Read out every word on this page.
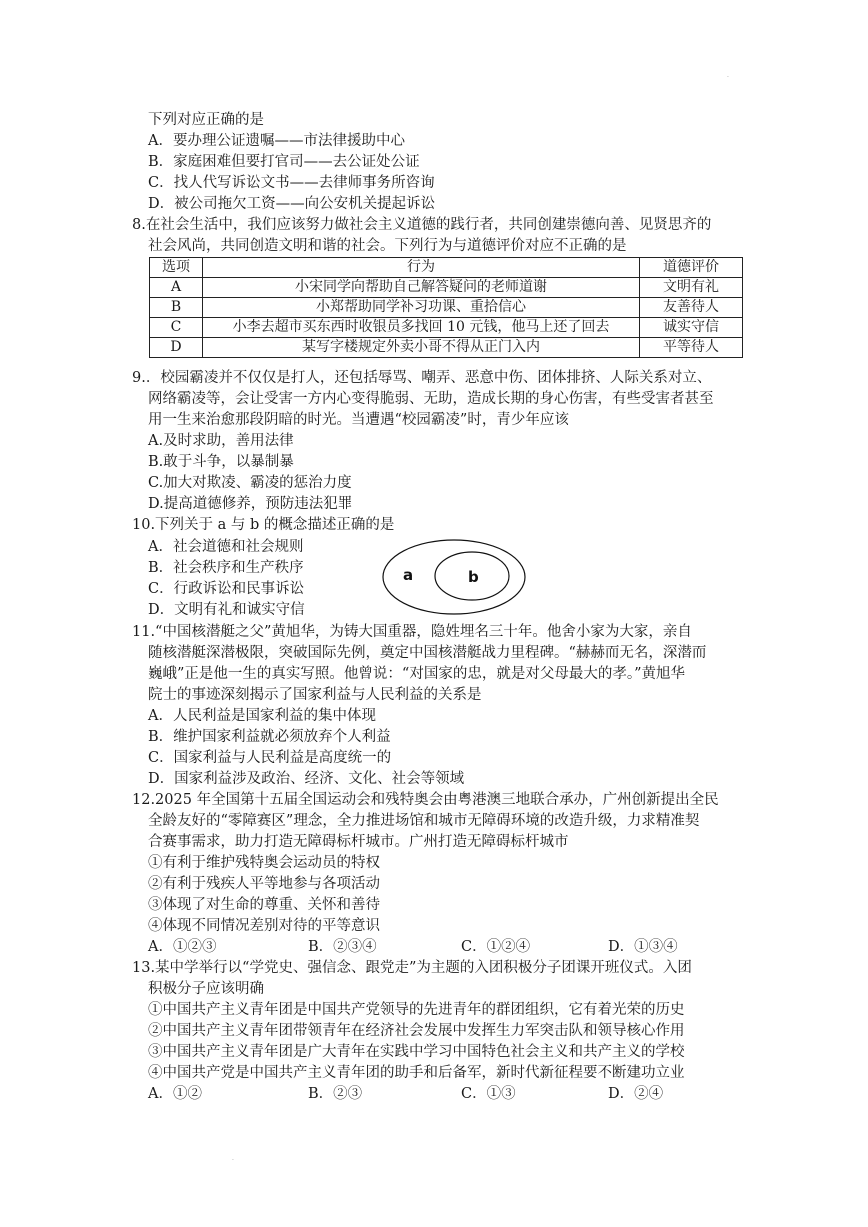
下列对应正确的是
A．要办理公证遗嘱——市法律援助中心
B．家庭困难但要打官司——去公证处公证
C．找人代写诉讼文书——去律师事务所咨询
D．被公司拖欠工资——向公安机关提起诉讼
8.在社会生活中，我们应该努力做社会主义道德的践行者，共同创建崇德向善、见贤思齐的
社会风尚，共同创造文明和谐的社会。下列行为与道德评价对应不正确的是
选项	行为	道德评价
A	小宋同学向帮助自己解答疑问的老师道谢	文明有礼
B	小郑帮助同学补习功课、重拾信心	友善待人
C	小李去超市买东西时收银员多找回 10 元钱，他马上还了回去	诚实守信
D	某写字楼规定外卖小哥不得从正门入内	平等待人
9.．校园霸凌并不仅仅是打人，还包括辱骂、嘲弄、恶意中伤、团体排挤、人际关系对立、
网络霸凌等，会让受害一方内心变得脆弱、无助，造成长期的身心伤害，有些受害者甚至
用一生来治愈那段阴暗的时光。当遭遇“校园霸凌”时，青少年应该
A.及时求助，善用法律
B.敢于斗争，以暴制暴
C.加大对欺凌、霸凌的惩治力度
D.提高道德修养，预防违法犯罪
10.下列关于 a 与 b 的概念描述正确的是
A．社会道德和社会规则
B．社会秩序和生产秩序
C．行政诉讼和民事诉讼
D．文明有礼和诚实守信
a	b
11.“中国核潜艇之父”黄旭华，为铸大国重器，隐姓埋名三十年。他舍小家为大家，亲自
随核潜艇深潜极限，突破国际先例，奠定中国核潜艇战力里程碑。“赫赫而无名，深潜而
巍峨”正是他一生的真实写照。他曾说：“对国家的忠，就是对父母最大的孝。”黄旭华
院士的事迹深刻揭示了国家利益与人民利益的关系是
A．人民利益是国家利益的集中体现
B．维护国家利益就必须放弃个人利益
C．国家利益与人民利益是高度统一的
D．国家利益涉及政治、经济、文化、社会等领域
12.2025 年全国第十五届全国运动会和残特奥会由粤港澳三地联合承办，广州创新提出全民
全龄友好的“零障赛区”理念，全力推进场馆和城市无障碍环境的改造升级，力求精准契
合赛事需求，助力打造无障碍标杆城市。广州打造无障碍标杆城市
①有利于维护残特奥会运动员的特权
②有利于残疾人平等地参与各项活动
③体现了对生命的尊重、关怀和善待
④体现不同情况差别对待的平等意识
A．①②③	B．②③④	C．①②④	D．①③④
13.某中学举行以“学党史、强信念、跟党走”为主题的入团积极分子团课开班仪式。入团
积极分子应该明确
①中国共产主义青年团是中国共产党领导的先进青年的群团组织，它有着光荣的历史
②中国共产主义青年团带领青年在经济社会发展中发挥生力军突击队和领导核心作用
③中国共产主义青年团是广大青年在实践中学习中国特色社会主义和共产主义的学校
④中国共产党是中国共产主义青年团的助手和后备军，新时代新征程要不断建功立业
A．①②	B．②③	C．①③	D．②④
.
.
